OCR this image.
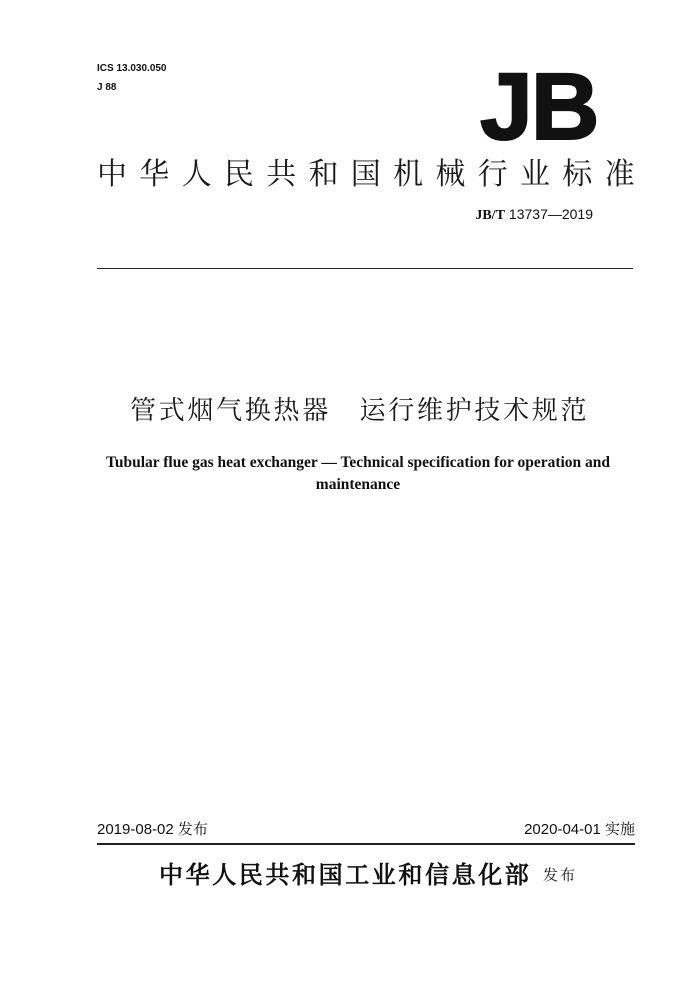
ICS 13.030.050
J 88	JB
中华人民共和国机械行业标准
JB/T 13737—2019
管式烟气换热器　运行维护技术规范
Tubular flue gas heat exchanger — Technical specification for operation and maintenance
2019-08-02 发布	2020-04-01 实施
中华人民共和国工业和信息化部 发布
